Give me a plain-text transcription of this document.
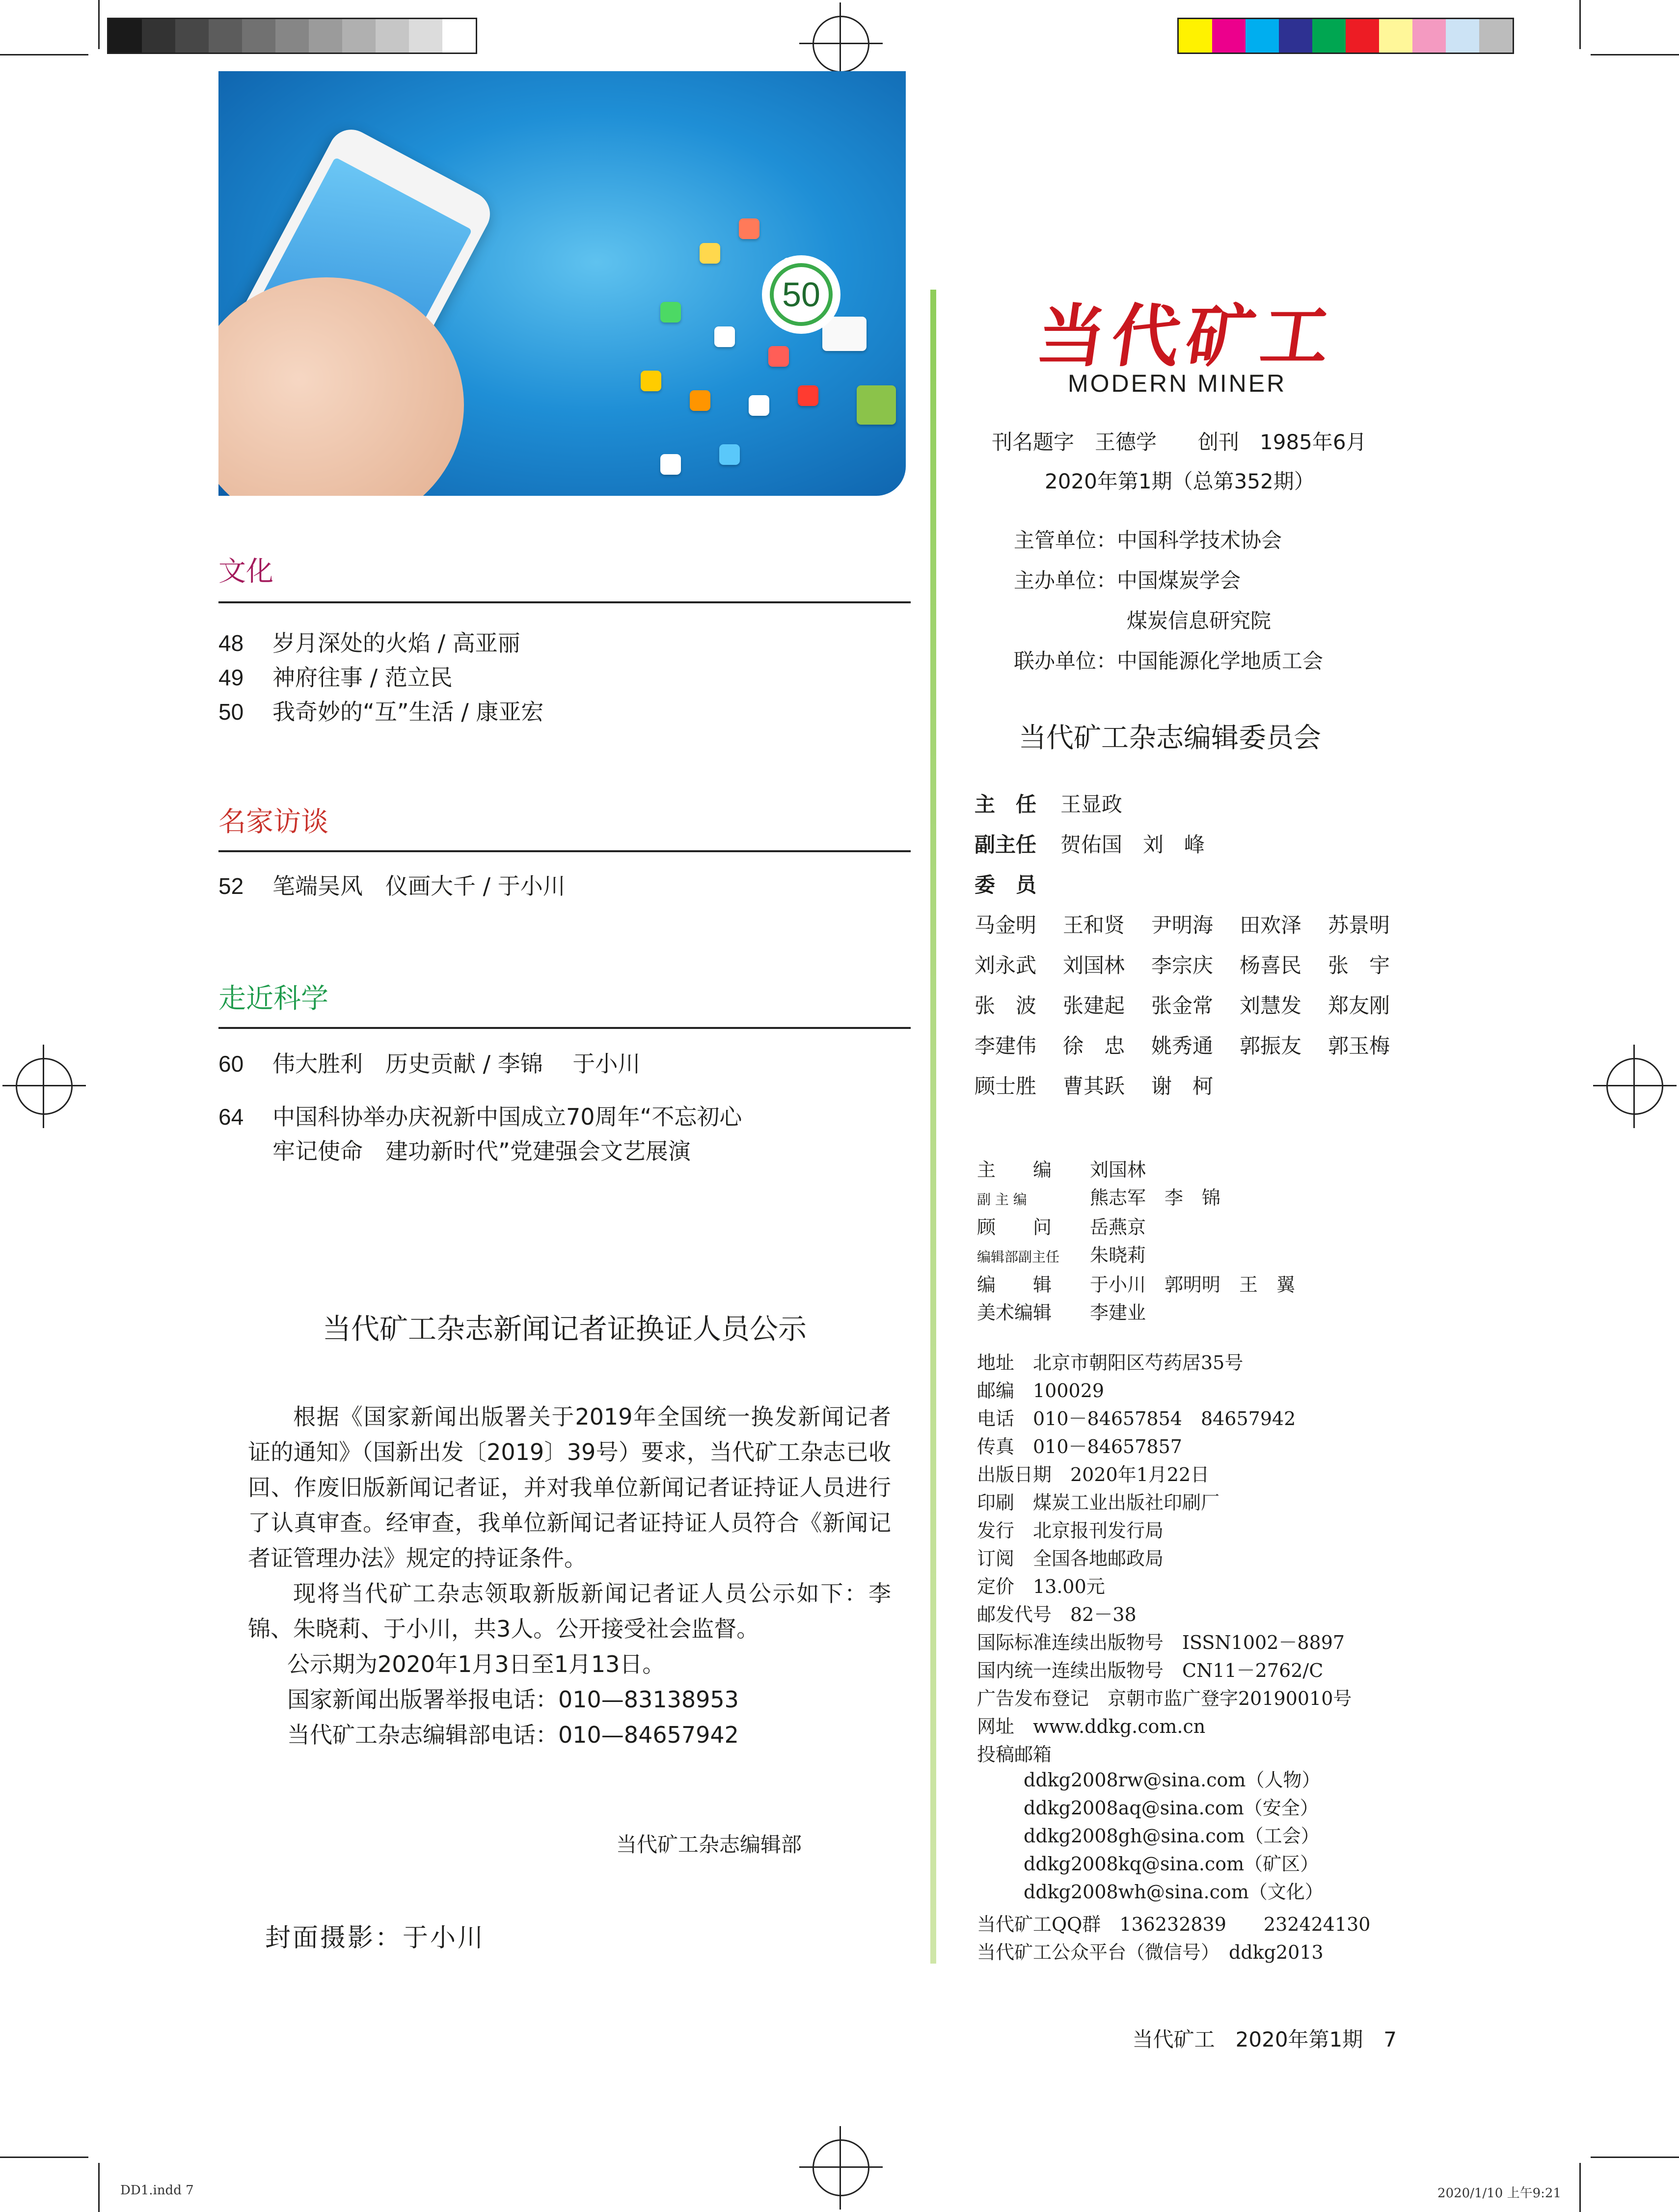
50
文化
48 岁月深处的火焰 / 高亚丽
49 神府往事 / 范立民
50 我奇妙的“互”生活 / 康亚宏
名家访谈
52 笔端吴风　仪画大千 / 于小川
走近科学
60 伟大胜利　历史贡献 / 李锦　 于小川
64 中国科协举办庆祝新中国成立70周年“不忘初心
牢记使命　建功新时代”党建强会文艺展演
当代矿工杂志新闻记者证换证人员公示

根据《国家新闻出版署关于2019年全国统一换发新闻记者证的通知》（国新出发〔2019〕39号）要求，当代矿工杂志已收回、作废旧版新闻记者证，并对我单位新闻记者证持证人员进行了认真审查。经审查，我单位新闻记者证持证人员符合《新闻记者证管理办法》规定的持证条件。

现将当代矿工杂志领取新版新闻记者证人员公示如下：李锦、朱晓莉、于小川，共3人。公开接受社会监督。

公示期为2020年1月3日至1月13日。

国家新闻出版署举报电话：010—83138953

当代矿工杂志编辑部电话：010—84657942

当代矿工杂志编辑部
封面摄影：于小川
当代矿工
MODERN MINER
刊名题字　王德学　　创刊　1985年6月
2020年第1期（总第352期）
主管单位：中国科学技术协会
主办单位：中国煤炭学会
煤炭信息研究院
联办单位：中国能源化学地质工会
当代矿工杂志编辑委员会
主　任 王显政
副主任 贺佑国　刘　峰
委　员
马金明 王和贤 尹明海 田欢泽 苏景明
刘永武 刘国林 李宗庆 杨喜民 张　宇
张　波 张建起 张金常 刘慧发 郑友刚
李建伟 徐　忠 姚秀通 郭振友 郭玉梅
顾士胜 曹其跃 谢　柯
主　　编 刘国林
副 主 编	熊志军　李　锦
顾　　问 岳燕京
编辑部副主任 朱晓莉
编　　辑 于小川　郭明明　王　翼
美术编辑 李建业
地址　北京市朝阳区芍药居35号
邮编　100029
电话　010－84657854　84657942
传真　010－84657857
出版日期　2020年1月22日
印刷　煤炭工业出版社印刷厂
发行　北京报刊发行局
订阅　全国各地邮政局
定价　13.00元
邮发代号　82－38
国际标准连续出版物号　ISSN1002－8897
国内统一连续出版物号　CN11－2762/C
广告发布登记　京朝市监广登字20190010号
网址　www.ddkg.com.cn
投稿邮箱
ddkg2008rw@sina.com（人物）
ddkg2008aq@sina.com（安全）
ddkg2008gh@sina.com（工会）
ddkg2008kq@sina.com（矿区）
ddkg2008wh@sina.com（文化）
当代矿工QQ群　136232839　　232424130
当代矿工公众平台（微信号）　ddkg2013
当代矿工　2020年第1期　7
DD1.indd 7	2020/1/10 上午9:21
